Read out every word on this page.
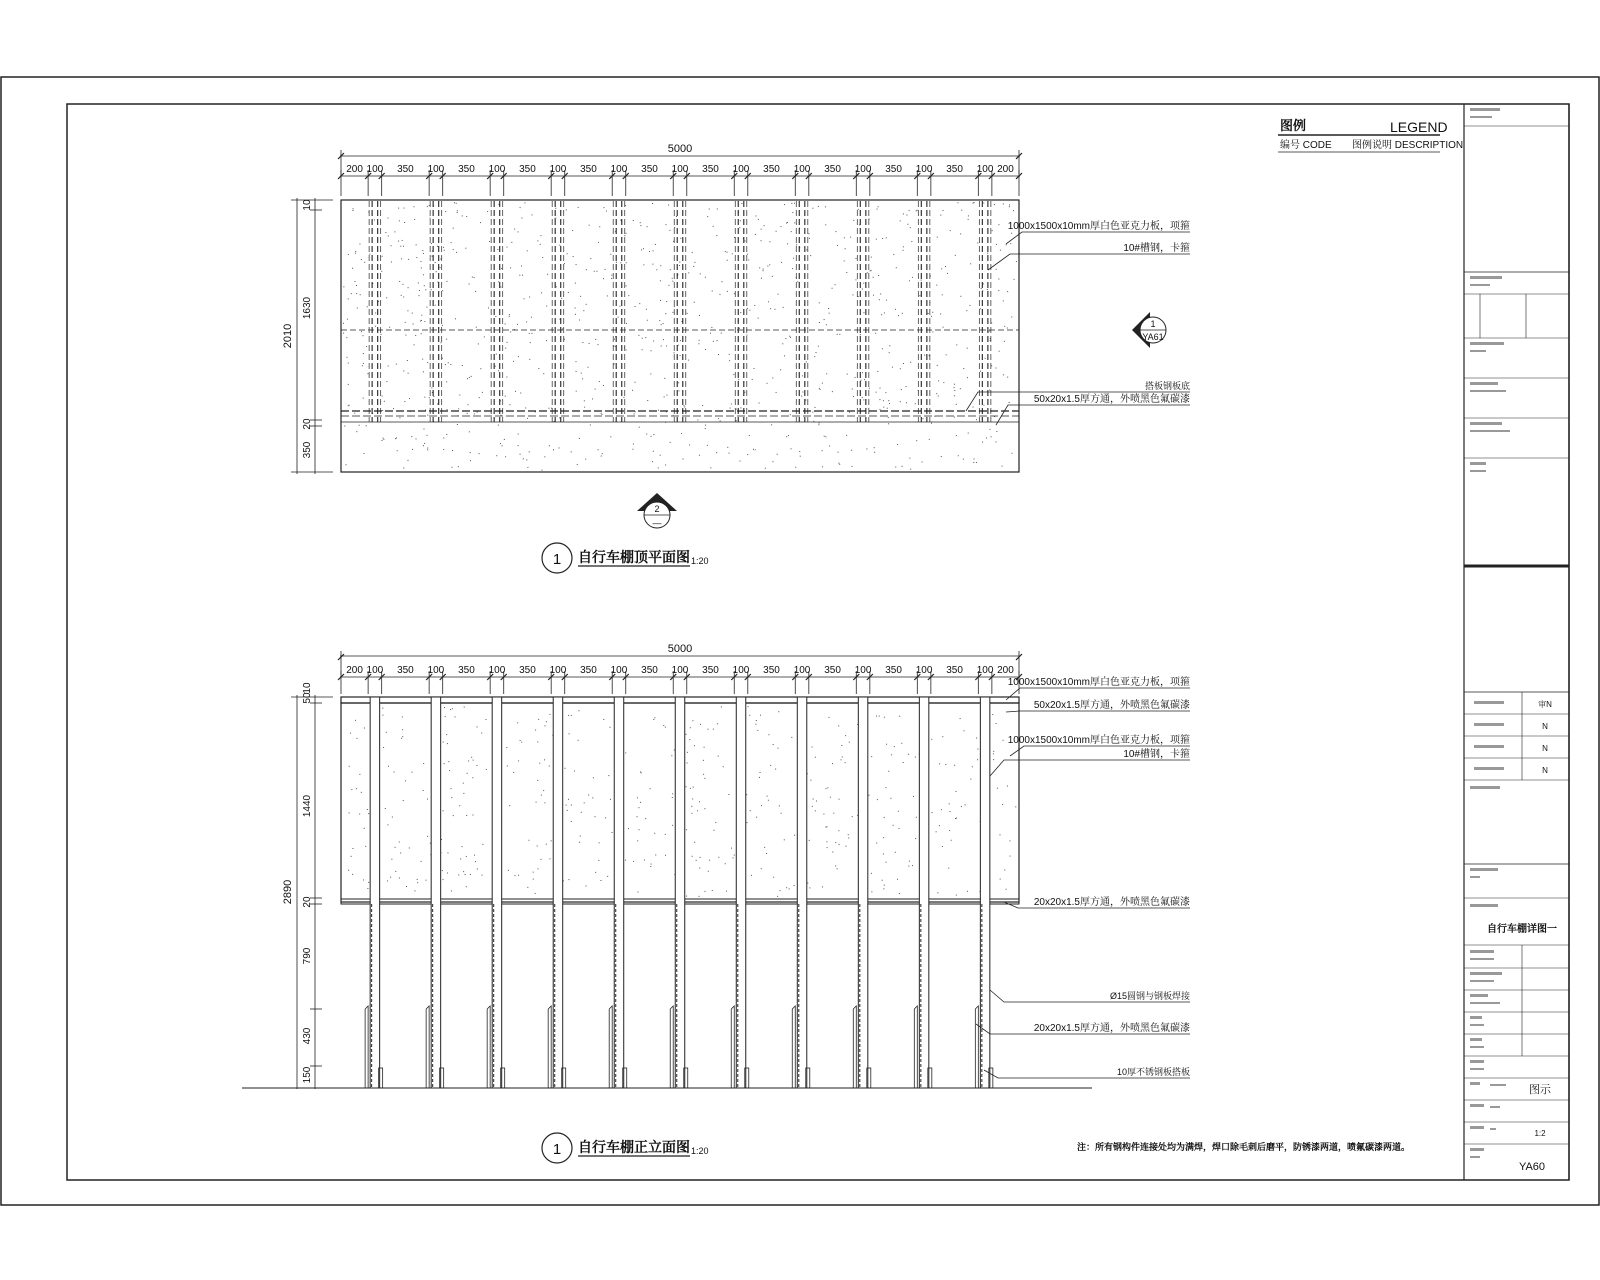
图例	LEGEND
编号 CODE 图例说明 DESCRIPTION
5000
200 100 350 100 350 100 350 100 350 100 350 100 350 100 350 100 350 100 350 100 350 100 200
2010
10
1630
20
350
1000x1500x10mm厚白色亚克力板，项箍
10#槽钢，卡箍
搭板钢板底
50x20x1.5厚方通，外喷黑色氟碳漆
1
YA61
2
—
1 自行车棚顶平面图 1:20
5000
200 100 350 100 350 100 350 100 350 100 350 100 350 100 350 100 350 100 350 100 350 100 200
2890
50
10
1440
20
790
430
150
1000x1500x10mm厚白色亚克力板，项箍
50x20x1.5厚方通，外喷黑色氟碳漆
1000x1500x10mm厚白色亚克力板，项箍
10#槽钢，卡箍
20x20x1.5厚方通，外喷黑色氟碳漆
Ø15圆钢与钢板焊接
20x20x1.5厚方通，外喷黑色氟碳漆
10厚不锈钢板搭板
1 自行车棚正立面图 1:20	注：所有钢构件连接处均为满焊，焊口除毛刺后磨平，防锈漆两道，喷氟碳漆两道。
审N
N
N
N
自行车棚详图一
图示
1:2
YA60
